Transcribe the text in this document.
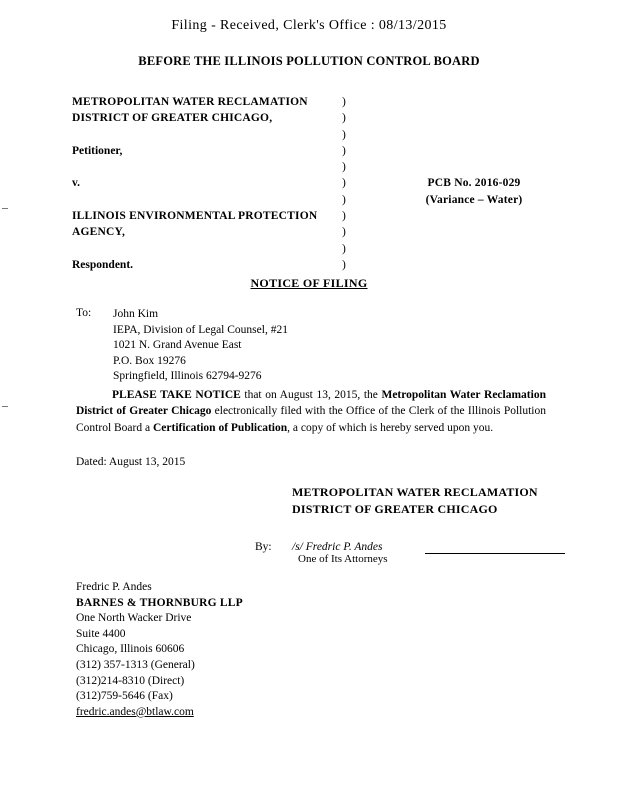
Filing - Received, Clerk's Office : 08/13/2015
BEFORE THE ILLINOIS POLLUTION CONTROL BOARD
METROPOLITAN WATER RECLAMATION	)	
DISTRICT OF GREATER CHICAGO,	)	
	)	
Petitioner,	)	
	)	
v.	)	PCB No. 2016-029
	)	(Variance – Water)
ILLINOIS ENVIRONMENTAL PROTECTION	)	
AGENCY,	)	
	)	
Respondent.	)	
NOTICE OF FILING
To: John Kim
IEPA, Division of Legal Counsel, #21
1021 N. Grand Avenue East
P.O. Box 19276
Springfield, Illinois 62794-9276
PLEASE TAKE NOTICE that on August 13, 2015, the Metropolitan Water Reclamation District of Greater Chicago electronically filed with the Office of the Clerk of the Illinois Pollution Control Board a Certification of Publication, a copy of which is hereby served upon you.
Dated: August 13, 2015
METROPOLITAN WATER RECLAMATION
DISTRICT OF GREATER CHICAGO
By: /s/ Fredric P. Andes
One of Its Attorneys
Fredric P. Andes
BARNES & THORNBURG LLP
One North Wacker Drive
Suite 4400
Chicago, Illinois 60606
(312) 357-1313 (General)
(312)214-8310 (Direct)
(312)759-5646 (Fax)
fredric.andes@btlaw.com
